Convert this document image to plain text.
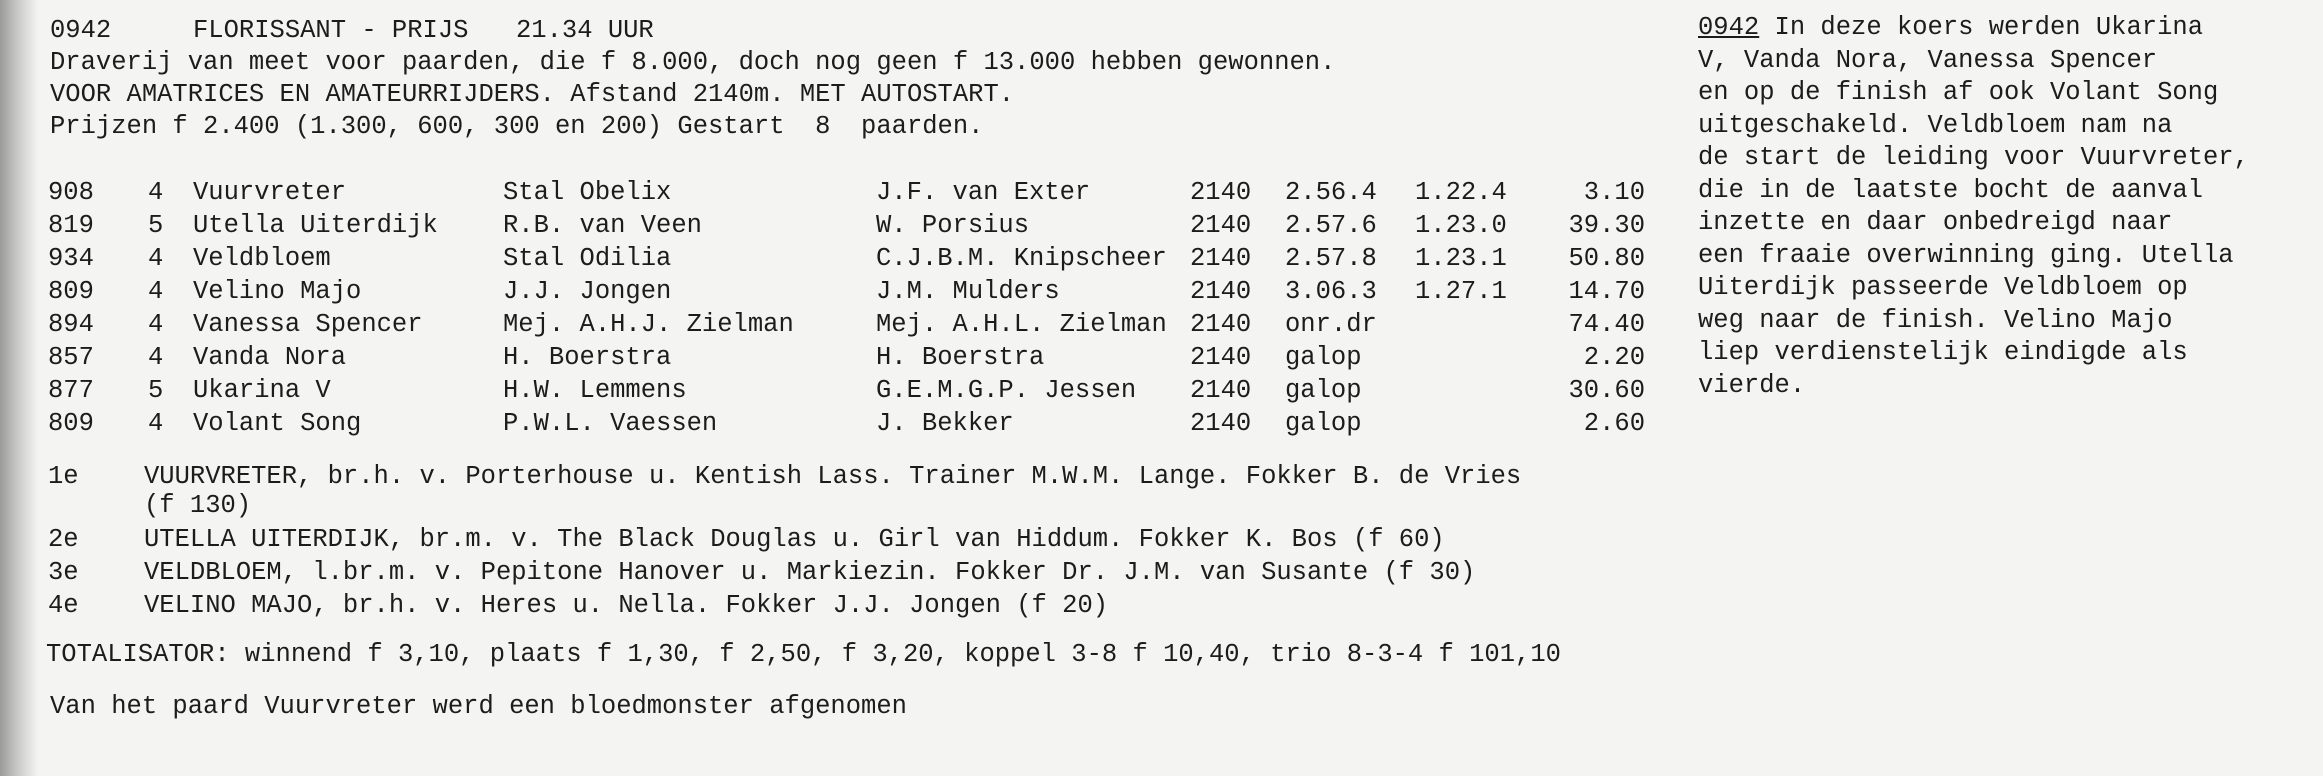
0942	FLORISSANT - PRIJS 21.34 UUR
Draverij van meet voor paarden, die f 8.000, doch nog geen f 13.000 hebben gewonnen.
VOOR AMATRICES EN AMATEURRIJDERS. Afstand 2140m. MET AUTOSTART.
Prijzen f 2.400 (1.300, 600, 300 en 200) Gestart  8  paarden.
908 4 Vuurvreter	Stal Obelix	J.F. van Exter	2140 2.56.4 1.22.4	3.10
819 5 Utella Uiterdijk	R.B. van Veen	W. Porsius	2140 2.57.6 1.23.0 39.30
934 4 Veldbloem	Stal Odilia	C.J.B.M. Knipscheer 2140 2.57.8 1.23.1 50.80
809 4 Velino Majo	J.J. Jongen	J.M. Mulders	2140 3.06.3 1.27.1 14.70
894 4 Vanessa Spencer	Mej. A.H.J. Zielman	Mej. A.H.L. Zielman 2140 onr.dr	74.40
857 4 Vanda Nora	H. Boerstra	H. Boerstra	2140 galop	2.20
877 5 Ukarina V	H.W. Lemmens	G.E.M.G.P. Jessen 2140 galop	30.60
809 4 Volant Song	P.W.L. Vaessen	J. Bekker	2140 galop	2.60
1e	VUURVRETER, br.h. v. Porterhouse u. Kentish Lass. Trainer M.W.M. Lange. Fokker B. de Vries
(f 130)
2e	UTELLA UITERDIJK, br.m. v. The Black Douglas u. Girl van Hiddum. Fokker K. Bos (f 60)
3e	VELDBLOEM, l.br.m. v. Pepitone Hanover u. Markiezin. Fokker Dr. J.M. van Susante (f 30)
4e	VELINO MAJO, br.h. v. Heres u. Nella. Fokker J.J. Jongen (f 20)
TOTALISATOR: winnend f 3,10, plaats f 1,30, f 2,50, f 3,20, koppel 3-8 f 10,40, trio 8-3-4 f 101,10
Van het paard Vuurvreter werd een bloedmonster afgenomen
0942 In deze koers werden Ukarina
V, Vanda Nora, Vanessa Spencer
en op de finish af ook Volant Song
uitgeschakeld. Veldbloem nam na
de start de leiding voor Vuurvreter,
die in de laatste bocht de aanval
inzette en daar onbedreigd naar
een fraaie overwinning ging. Utella
Uiterdijk passeerde Veldbloem op
weg naar de finish. Velino Majo
liep verdienstelijk eindigde als
vierde.
